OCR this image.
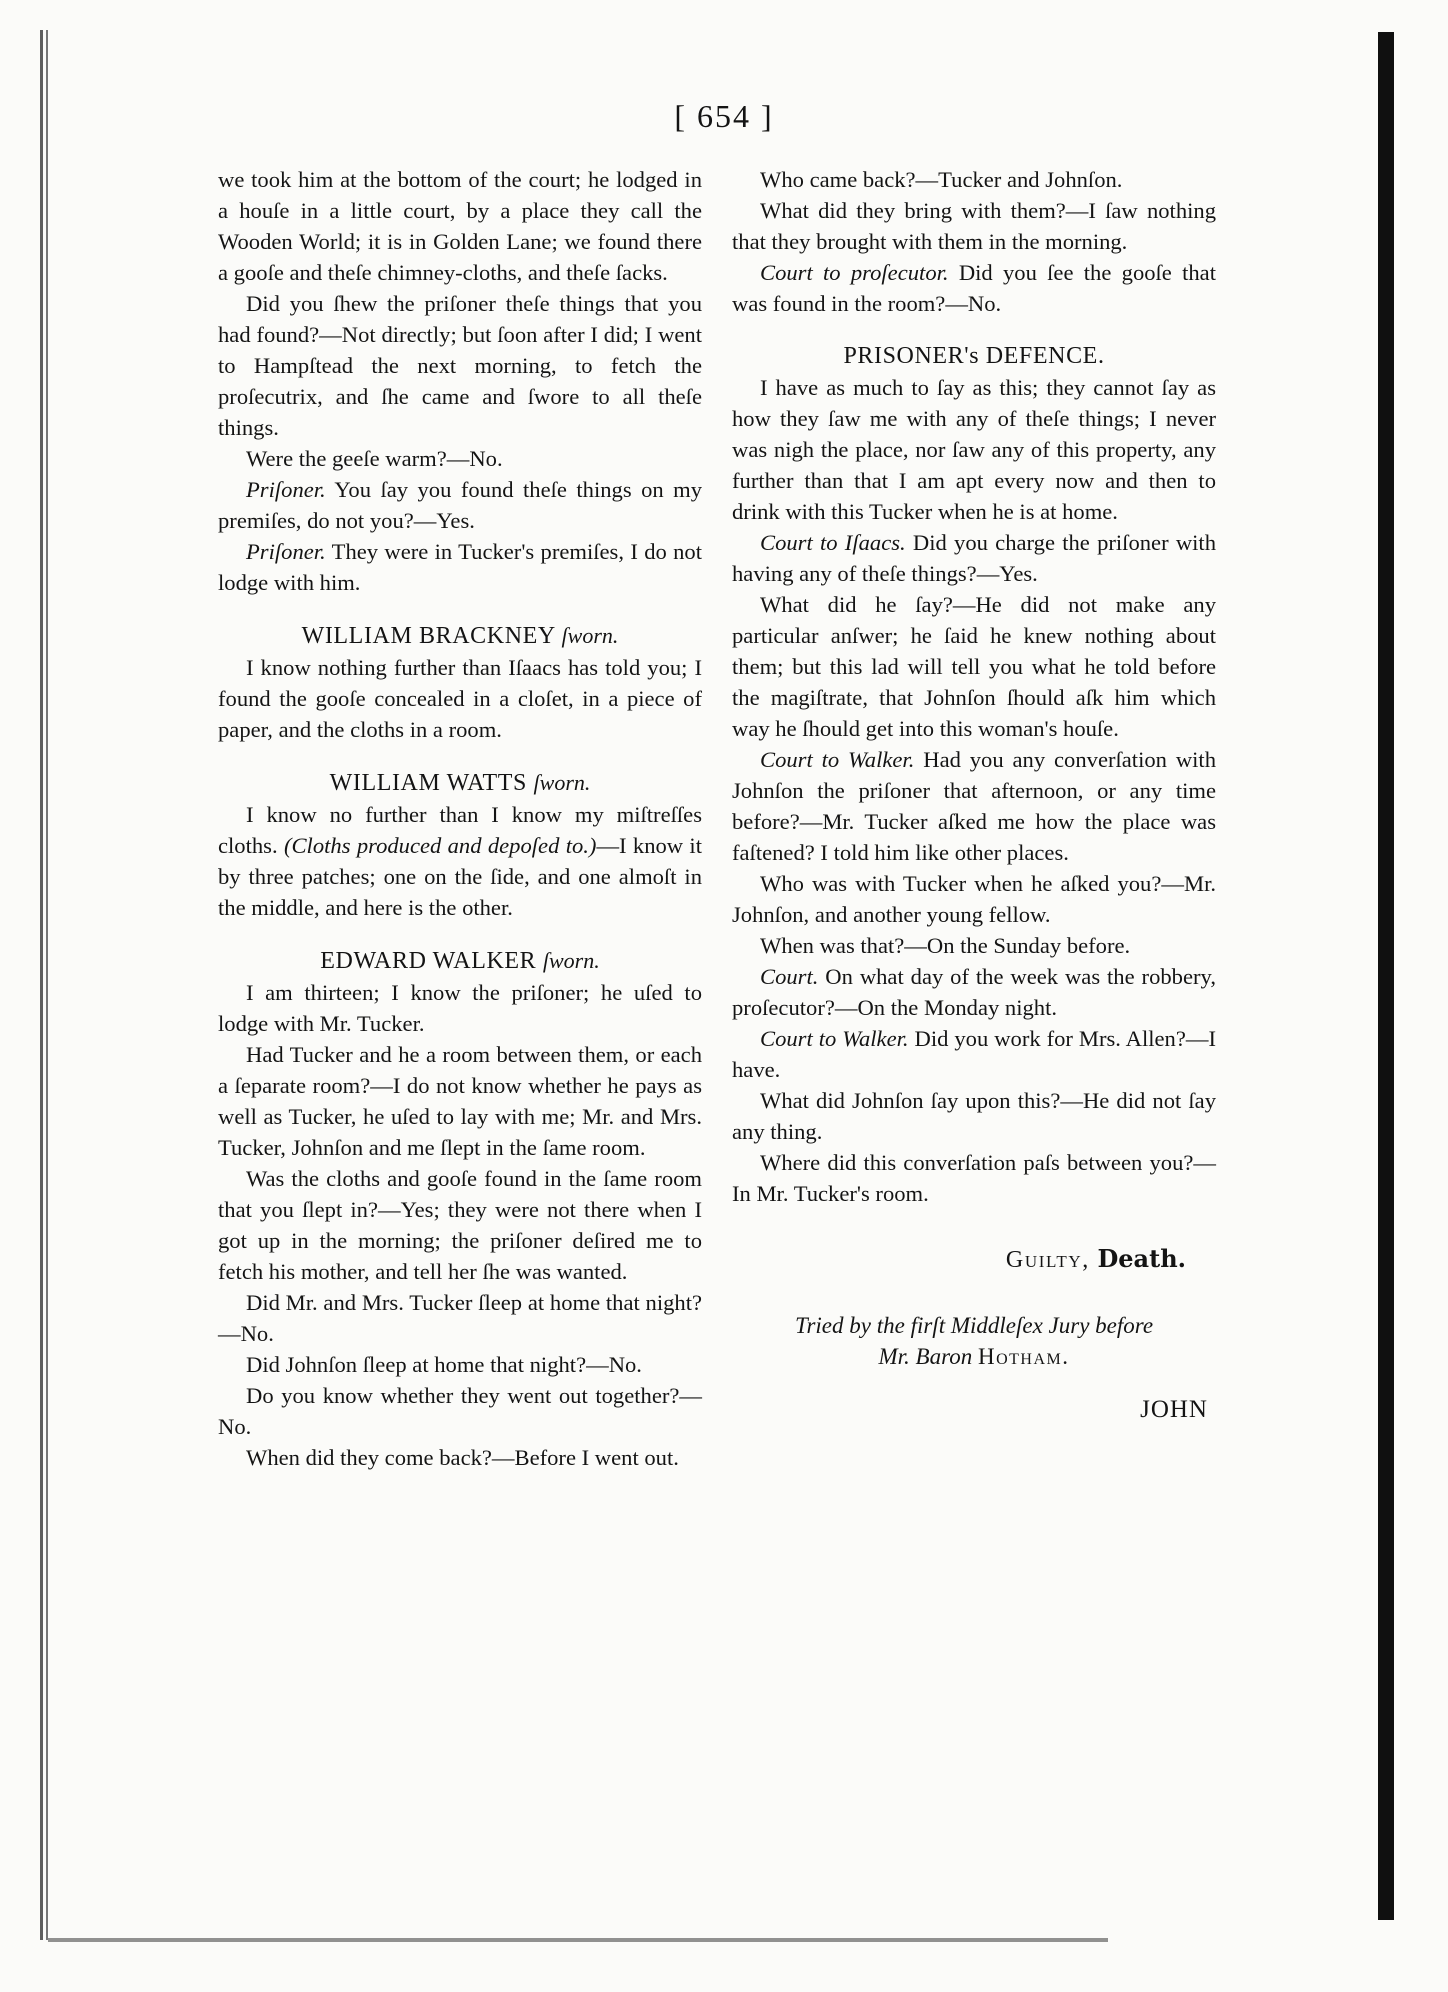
[ 654 ]

we took him at the bottom of the court; he lodged in a houſe in a little court, by a place they call the Wooden World; it is in Golden Lane; we found there a gooſe and theſe chimney-cloths, and theſe ſacks.

Did you ſhew the priſoner theſe things that you had found?—Not directly; but ſoon after I did; I went to Hampſtead the next morning, to fetch the proſecutrix, and ſhe came and ſwore to all theſe things.

Were the geeſe warm?—No.

Priſoner. You ſay you found theſe things on my premiſes, do not you?—Yes.

Priſoner. They were in Tucker's premiſes, I do not lodge with him.

WILLIAM BRACKNEY ſworn.

I know nothing further than Iſaacs has told you; I found the gooſe concealed in a cloſet, in a piece of paper, and the cloths in a room.

WILLIAM WATTS ſworn.

I know no further than I know my miſtreſſes cloths. (Cloths produced and depoſed to.)—I know it by three patches; one on the ſide, and one almoſt in the middle, and here is the other.

EDWARD WALKER ſworn.

I am thirteen; I know the priſoner; he uſed to lodge with Mr. Tucker.

Had Tucker and he a room between them, or each a ſeparate room?—I do not know whether he pays as well as Tucker, he uſed to lay with me; Mr. and Mrs. Tucker, Johnſon and me ſlept in the ſame room.

Was the cloths and gooſe found in the ſame room that you ſlept in?—Yes; they were not there when I got up in the morning; the priſoner deſired me to fetch his mother, and tell her ſhe was wanted.

Did Mr. and Mrs. Tucker ſleep at home that night?—No.

Did Johnſon ſleep at home that night?—No.

Do you know whether they went out together?—No.

When did they come back?—Before I went out.

Who came back?—Tucker and Johnſon.

What did they bring with them?—I ſaw nothing that they brought with them in the morning.

Court to proſecutor. Did you ſee the gooſe that was found in the room?—No.

PRISONER's DEFENCE.

I have as much to ſay as this; they cannot ſay as how they ſaw me with any of theſe things; I never was nigh the place, nor ſaw any of this property, any further than that I am apt every now and then to drink with this Tucker when he is at home.

Court to Iſaacs. Did you charge the priſoner with having any of theſe things?—Yes.

What did he ſay?—He did not make any particular anſwer; he ſaid he knew nothing about them; but this lad will tell you what he told before the magiſtrate, that Johnſon ſhould aſk him which way he ſhould get into this woman's houſe.

Court to Walker. Had you any converſation with Johnſon the priſoner that afternoon, or any time before?—Mr. Tucker aſked me how the place was faſtened? I told him like other places.

Who was with Tucker when he aſked you?—Mr. Johnſon, and another young fellow.

When was that?—On the Sunday before.

Court. On what day of the week was the robbery, proſecutor?—On the Monday night.

Court to Walker. Did you work for Mrs. Allen?—I have.

What did Johnſon ſay upon this?—He did not ſay any thing.

Where did this converſation paſs between you?—In Mr. Tucker's room.

Guilty, Death.

Tried by the firſt Middleſex Jury before

Mr. Baron Hotham.

JOHN
